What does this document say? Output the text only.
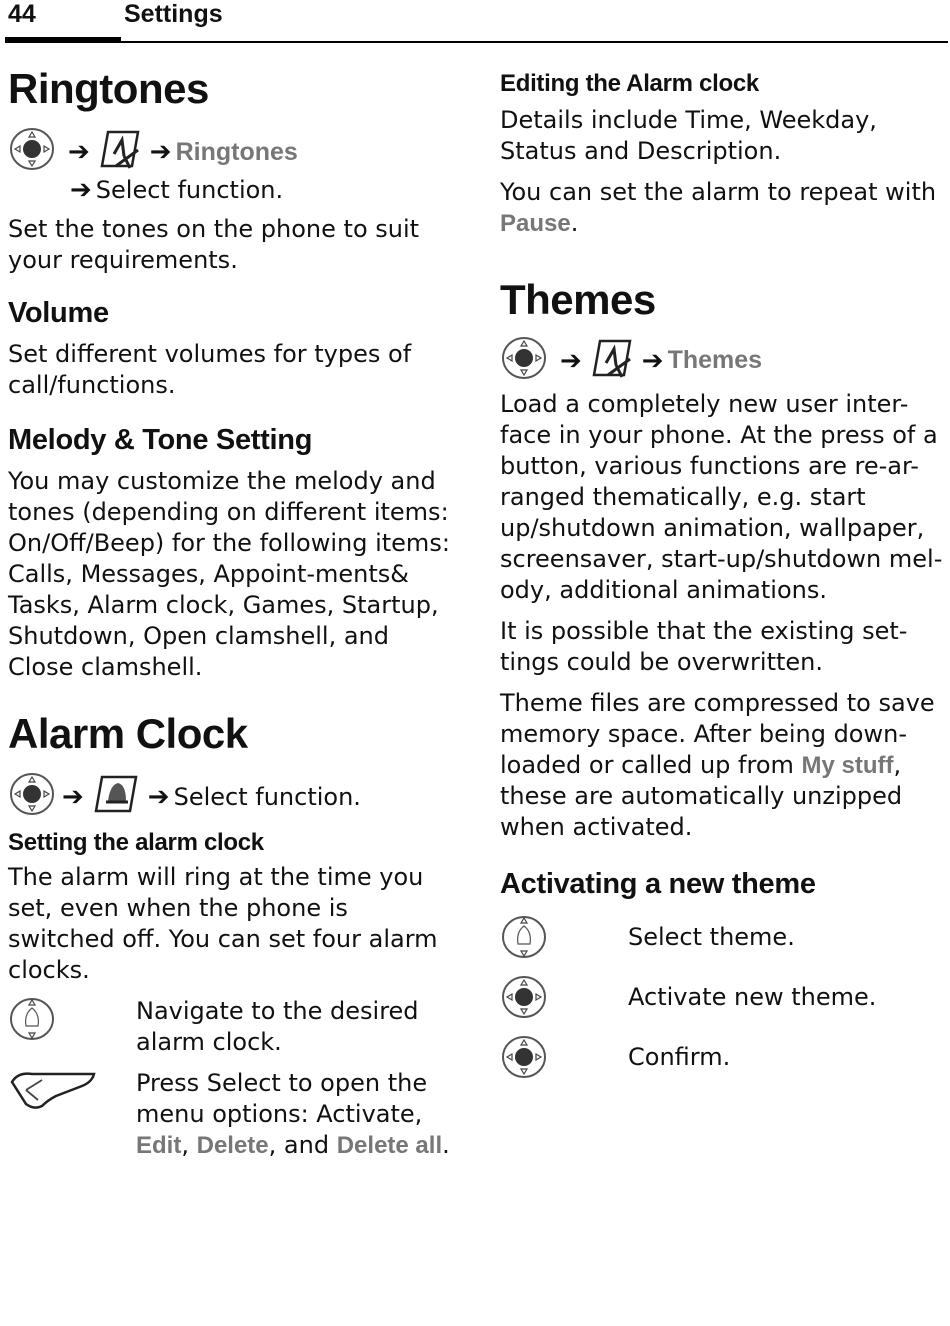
44	Settings
Ringtones
➔ ➔ Ringtones
➔ Select function.

Set the tones on the phone to suit your requirements.

Volume

Set different volumes for types of call/functions.

Melody & Tone Setting

You may customize the melody and tones (depending on different items: On/Off/Beep) for the following items: Calls, Messages, Appoint-ments& Tasks, Alarm clock, Games, Startup, Shutdown, Open clamshell, and Close clamshell.

Alarm Clock
➔ ➔ Select function.
Setting the alarm clock

The alarm will ring at the time you set, even when the phone is switched off. You can set four alarm clocks.

Navigate to the desired alarm clock.

Press Select to open the menu options: Activate,
Edit, Delete, and Delete all.

Editing the Alarm clock

Details include Time, Weekday, Status and Description.

You can set the alarm to repeat with Pause.

Themes
➔ ➔ Themes

Load a completely new user inter-face in your phone. At the press of a button, various functions are re-ar-ranged thematically, e.g. start up/shutdown animation, wallpaper, screensaver, start-up/shutdown mel-ody, additional animations.

It is possible that the existing set-tings could be overwritten.

Theme files are compressed to save memory space. After being down-loaded or called up from My stuff, these are automatically unzipped when activated.

Activating a new theme

Select theme.

Activate new theme.

Confirm.
